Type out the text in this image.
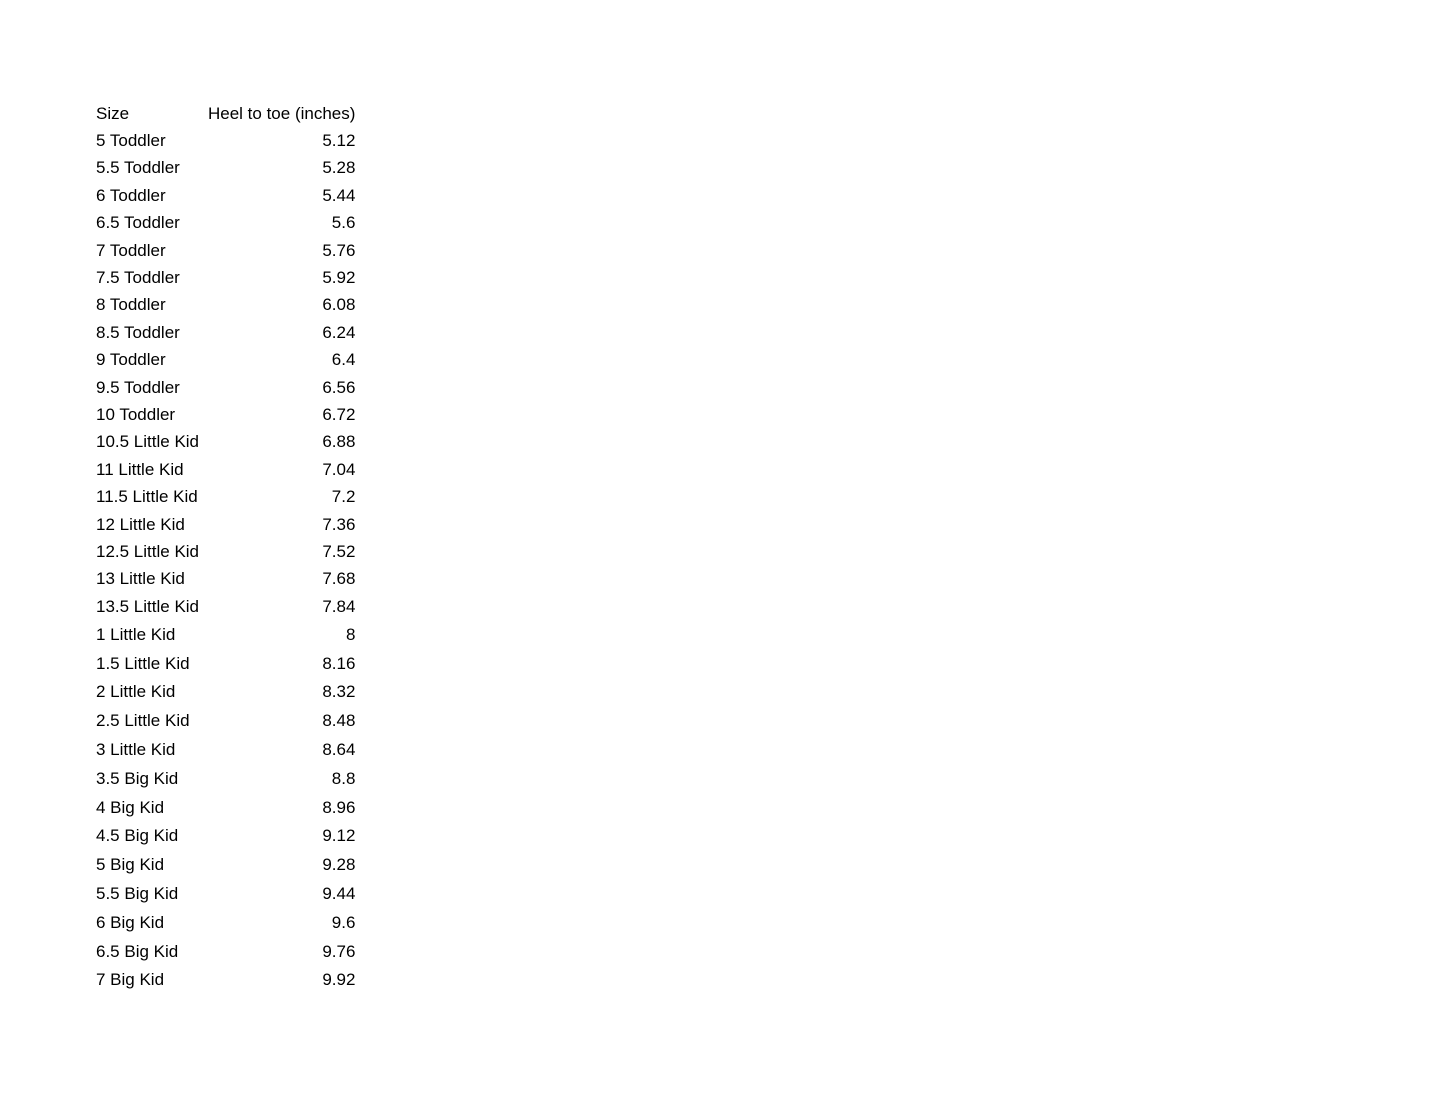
Size	Heel to toe (inches)
5 Toddler	5.12
5.5 Toddler	5.28
6 Toddler	5.44
6.5 Toddler	5.6
7 Toddler	5.76
7.5 Toddler	5.92
8 Toddler	6.08
8.5 Toddler	6.24
9 Toddler	6.4
9.5 Toddler	6.56
10 Toddler	6.72
10.5 Little Kid	6.88
11 Little Kid	7.04
11.5 Little Kid	7.2
12 Little Kid	7.36
12.5 Little Kid	7.52
13 Little Kid	7.68
13.5 Little Kid	7.84
1 Little Kid	8
1.5 Little Kid	8.16
2 Little Kid	8.32
2.5 Little Kid	8.48
3 Little Kid	8.64
3.5 Big Kid	8.8
4 Big Kid	8.96
4.5 Big Kid	9.12
5 Big Kid	9.28
5.5 Big Kid	9.44
6 Big Kid	9.6
6.5 Big Kid	9.76
7 Big Kid	9.92
